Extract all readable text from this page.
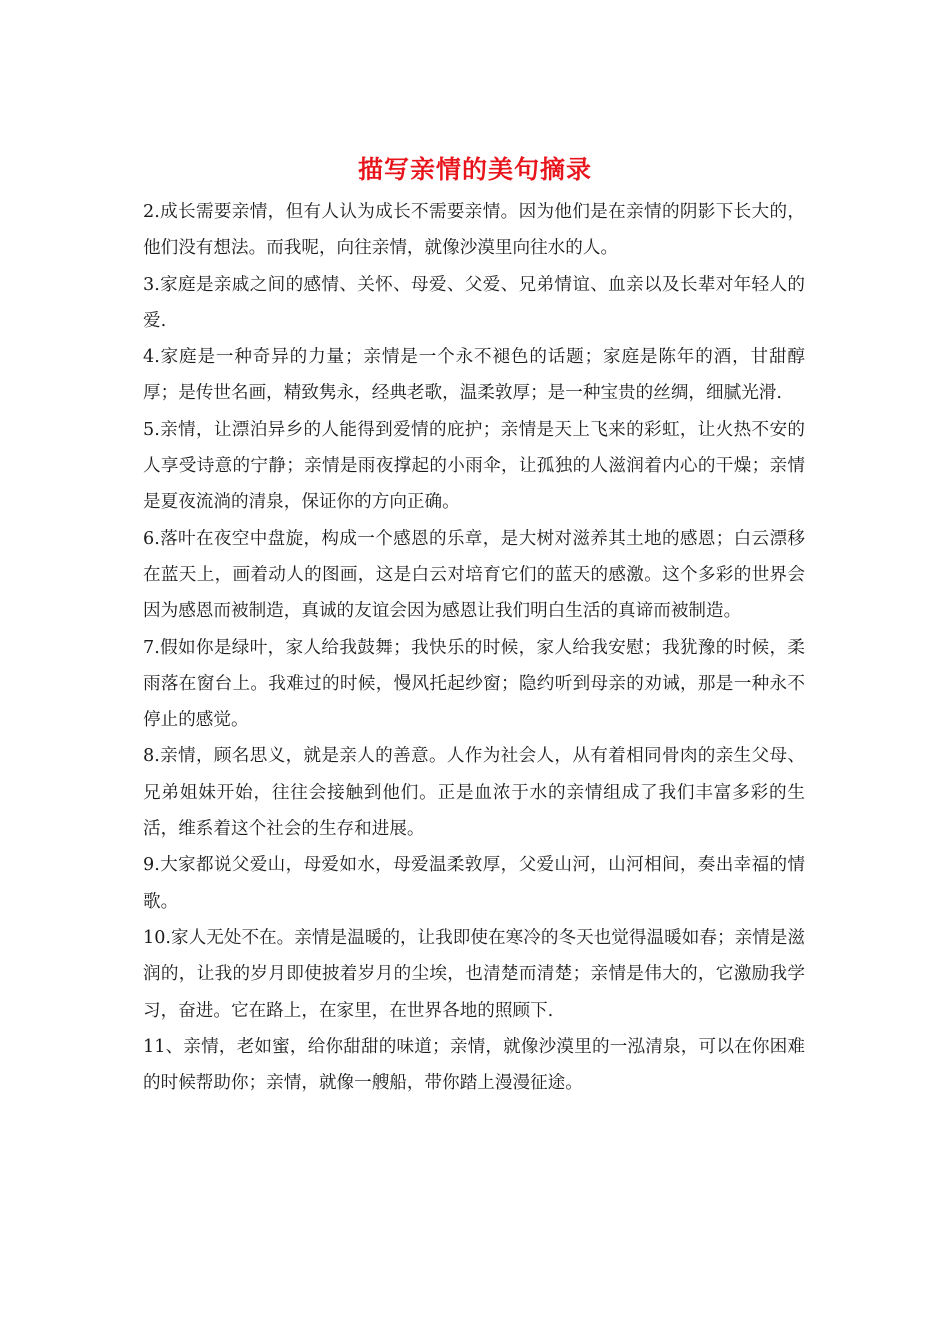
描写亲情的美句摘录

2.成长需要亲情，但有人认为成长不需要亲情。因为他们是在亲情的阴影下长大的，他们没有想法。而我呢，向往亲情，就像沙漠里向往水的人。

3.家庭是亲戚之间的感情、关怀、母爱、父爱、兄弟情谊、血亲以及长辈对年轻人的爱.

4.家庭是一种奇异的力量；亲情是一个永不褪色的话题；家庭是陈年的酒，甘甜醇厚；是传世名画，精致隽永，经典老歌，温柔敦厚；是一种宝贵的丝绸，细腻光滑.

5.亲情，让漂泊异乡的人能得到爱情的庇护；亲情是天上飞来的彩虹，让火热不安的人享受诗意的宁静；亲情是雨夜撑起的小雨伞，让孤独的人滋润着内心的干燥；亲情是夏夜流淌的清泉，保证你的方向正确。

6.落叶在夜空中盘旋，构成一个感恩的乐章，是大树对滋养其土地的感恩；白云漂移在蓝天上，画着动人的图画，这是白云对培育它们的蓝天的感激。这个多彩的世界会因为感恩而被制造，真诚的友谊会因为感恩让我们明白生活的真谛而被制造。

7.假如你是绿叶，家人给我鼓舞；我快乐的时候，家人给我安慰；我犹豫的时候，柔雨落在窗台上。我难过的时候，慢风托起纱窗；隐约听到母亲的劝诫，那是一种永不停止的感觉。

8.亲情，顾名思义，就是亲人的善意。人作为社会人，从有着相同骨肉的亲生父母、兄弟姐妹开始，往往会接触到他们。正是血浓于水的亲情组成了我们丰富多彩的生活，维系着这个社会的生存和进展。

9.大家都说父爱山，母爱如水，母爱温柔敦厚，父爱山河，山河相间，奏出幸福的情歌。

10.家人无处不在。亲情是温暖的，让我即使在寒冷的冬天也觉得温暖如春；亲情是滋润的，让我的岁月即使披着岁月的尘埃，也清楚而清楚；亲情是伟大的，它激励我学习，奋进。它在路上，在家里，在世界各地的照顾下.

11、亲情，老如蜜，给你甜甜的味道；亲情，就像沙漠里的一泓清泉，可以在你困难的时候帮助你；亲情，就像一艘船，带你踏上漫漫征途。
